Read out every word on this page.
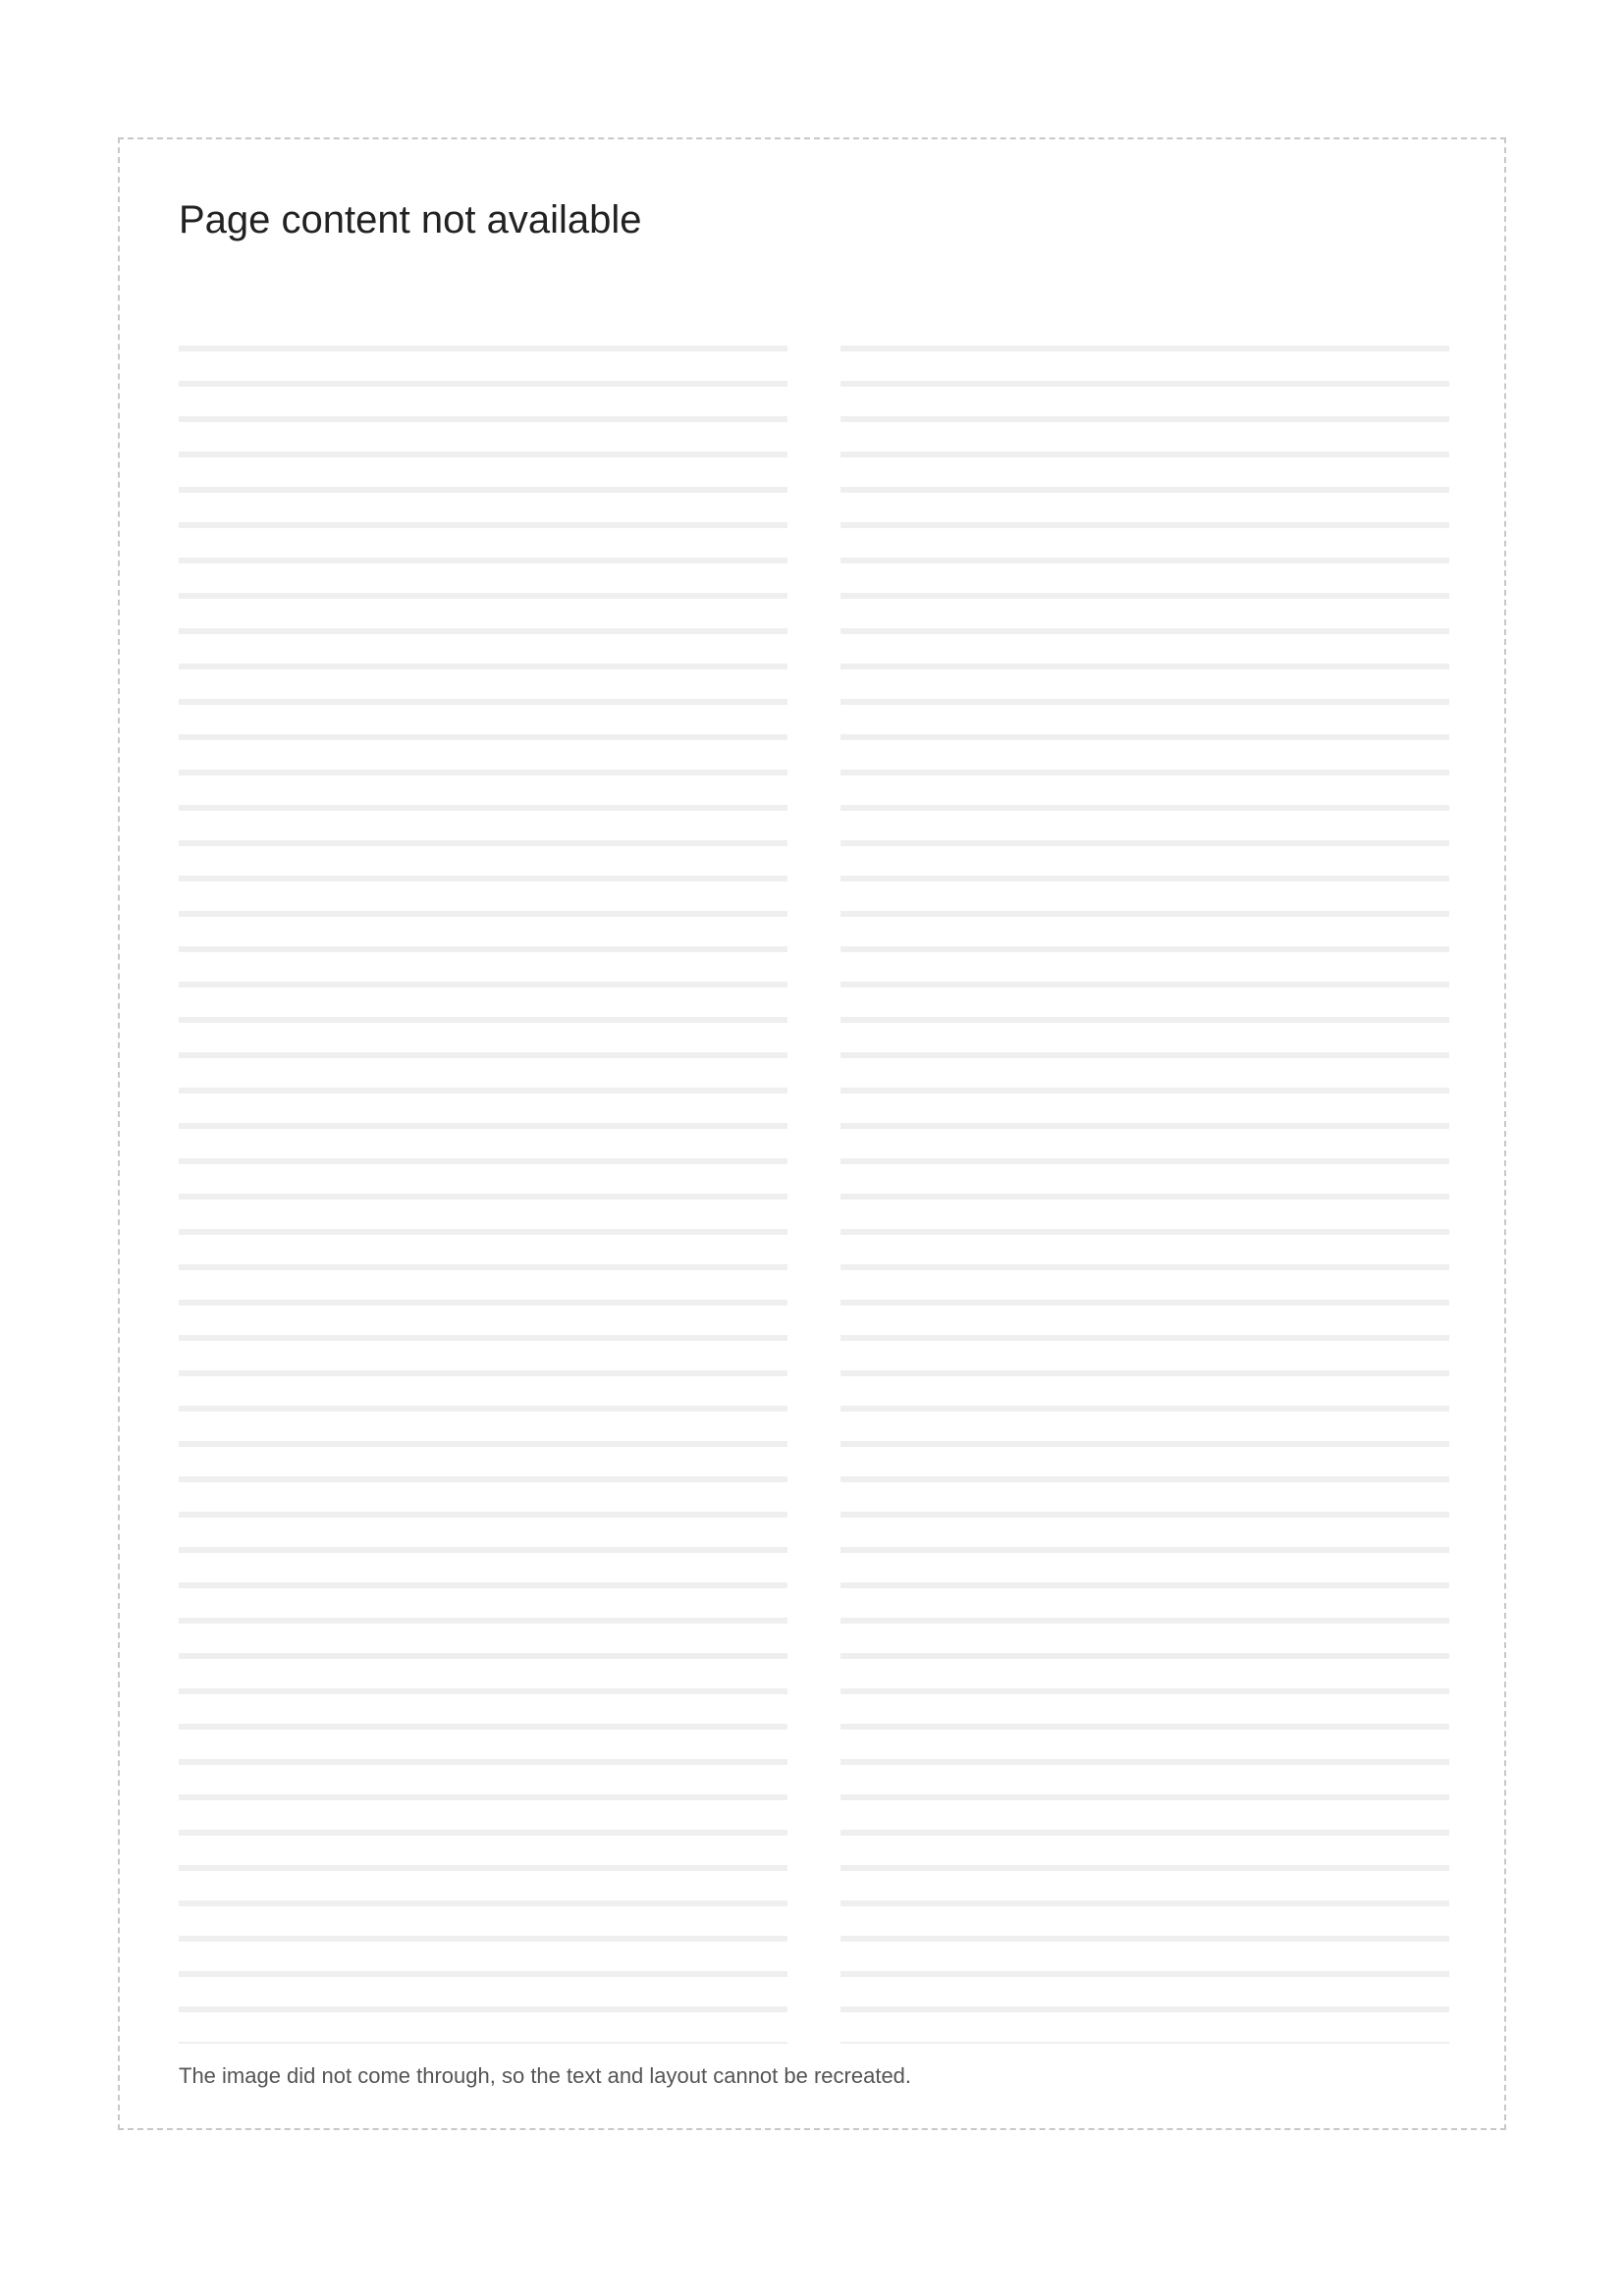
Page content not available

The image did not come through, so the text and layout cannot be recreated.
